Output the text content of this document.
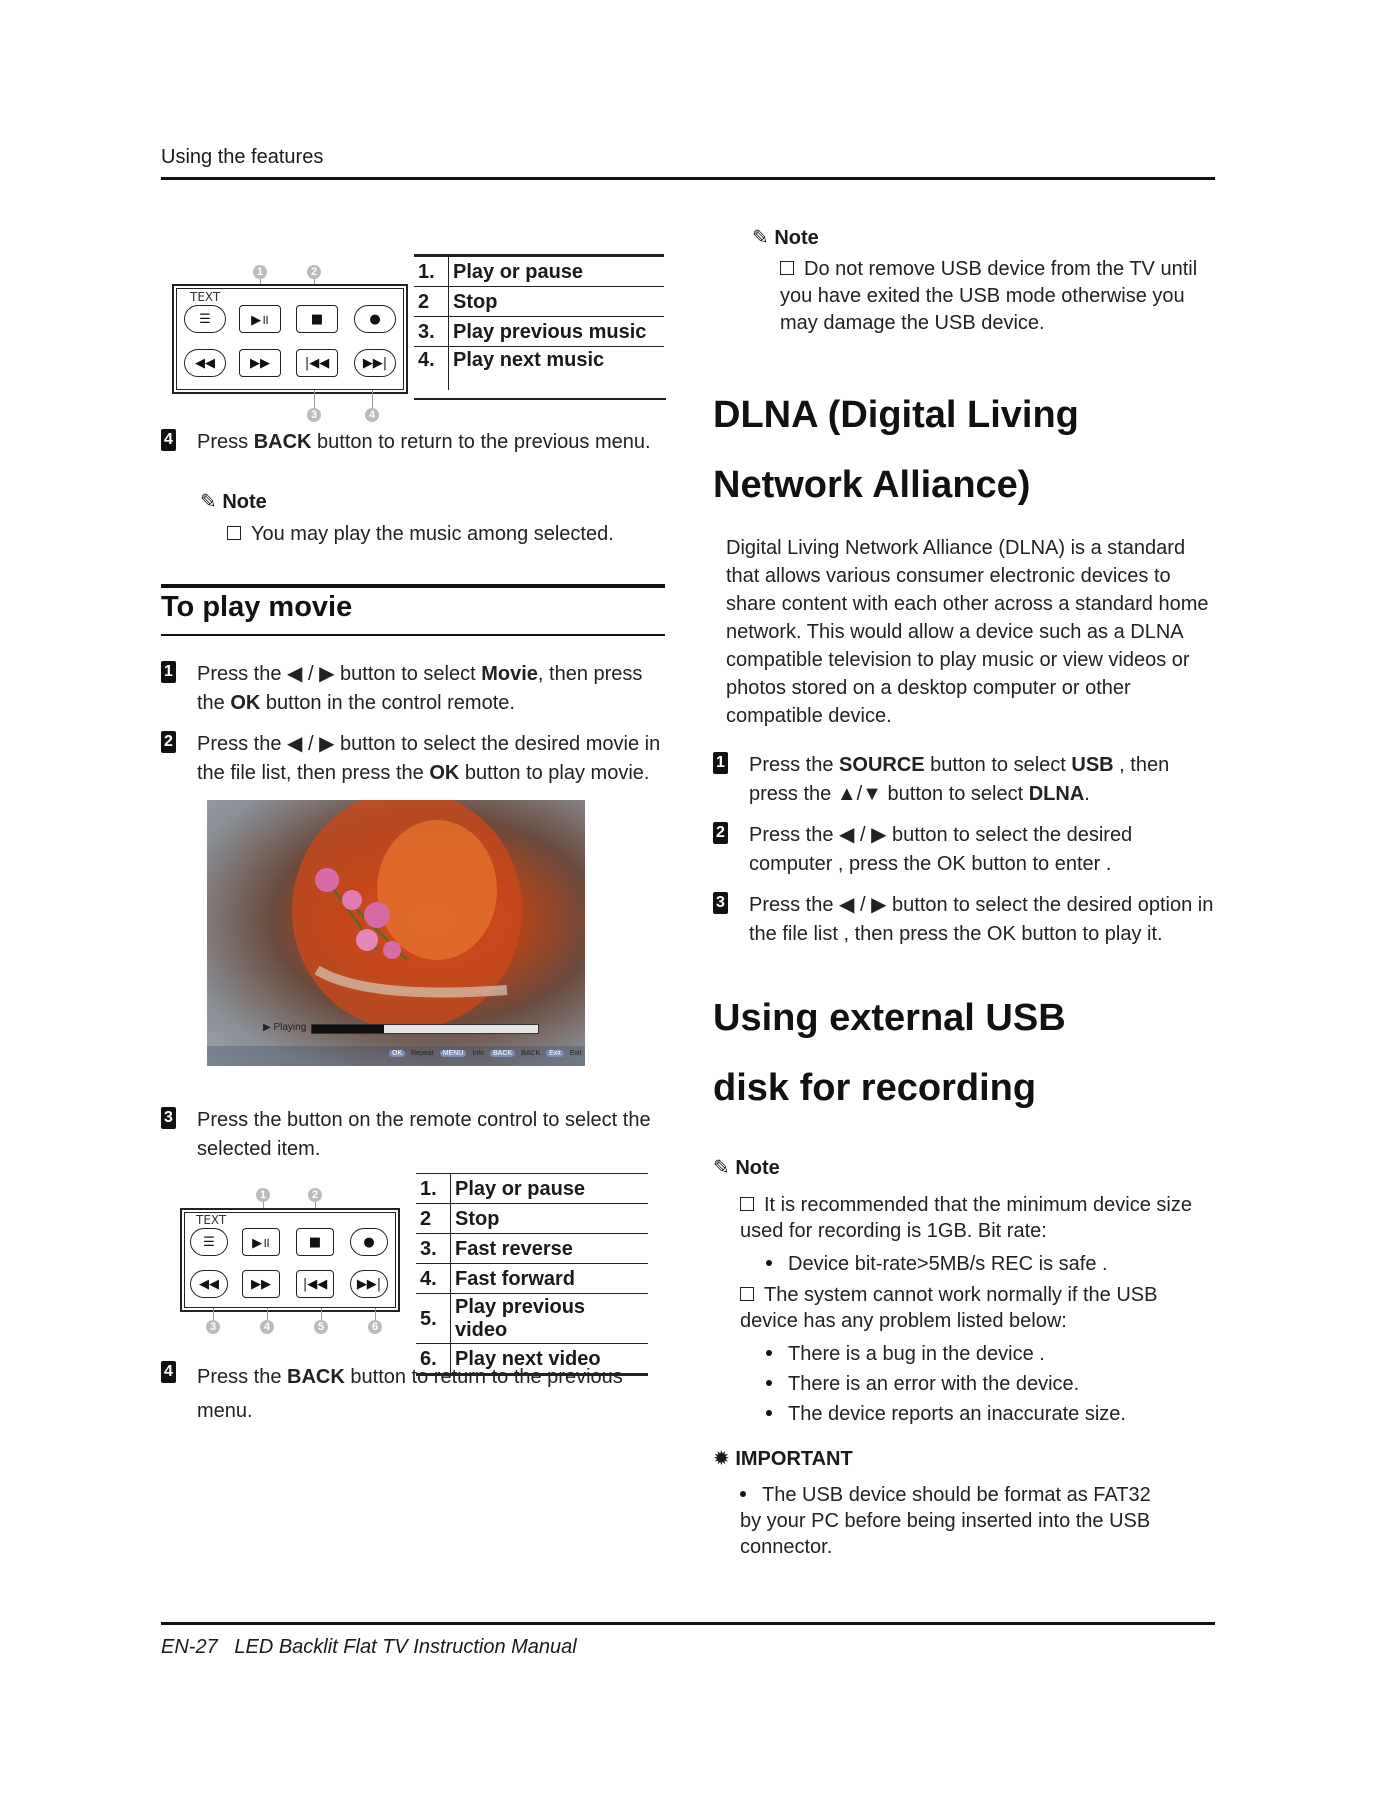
Using the features
1	2
TEXT
☰	▶॥	■	●
◀◀	▶▶	|◀◀	▶▶|
3	4
1.	Play or pause
2	Stop
3.	Play previous music
4.	Play next music
4 Press BACK button to return to the previous menu.
✎ Note
You may play the music among selected.
To play movie
1 Press the ◀ / ▶ button to select Movie, then press the OK button in the control remote.
2 Press the ◀ / ▶ button to select the desired movie in the file list, then press the OK button to play movie.
▶ Playing
OK	Repeat	MENU	Info	BACK	BACK	Exit	Exit
3 Press the button on the remote control to select the selected item.
1	2
TEXT
☰	▶॥	■	●
◀◀	▶▶	|◀◀	▶▶|
3	4	5	6
1.	Play or pause
2	Stop
3.	Fast reverse
4.	Fast forward
5.	Play previous video
6.	Play next video
4 Press the BACK button to return to the previous menu.
✎ Note
Do not remove USB device from the TV until you have exited the USB mode otherwise you may damage the USB device.
DLNA (Digital Living
Network Alliance)
Digital Living Network Alliance (DLNA) is a standard that allows various consumer electronic devices to share content with each other across a standard home network. This would allow a device such as a DLNA compatible television to play music or view videos or photos stored on a desktop computer or other compatible device.
1 Press the SOURCE button to select USB , then press the ▲/▼ button to select DLNA.
2 Press the ◀ / ▶ button to select the desired computer , press the OK button to enter .
3 Press the ◀ / ▶ button to select the desired option in the file list , then press the OK button to play it.
Using external USB
disk for recording
✎ Note
It is recommended that the minimum device size used for recording is 1GB. Bit rate:
Device bit-rate>5MB/s REC is safe .
The system cannot work normally if the USB device has any problem listed below:
There is a bug in the device .
There is an error with the device.
The device reports an inaccurate size.
✹ IMPORTANT
The USB device should be format as FAT32 by your PC before being inserted into the USB connector.
EN-27 LED Backlit Flat TV Instruction Manual
